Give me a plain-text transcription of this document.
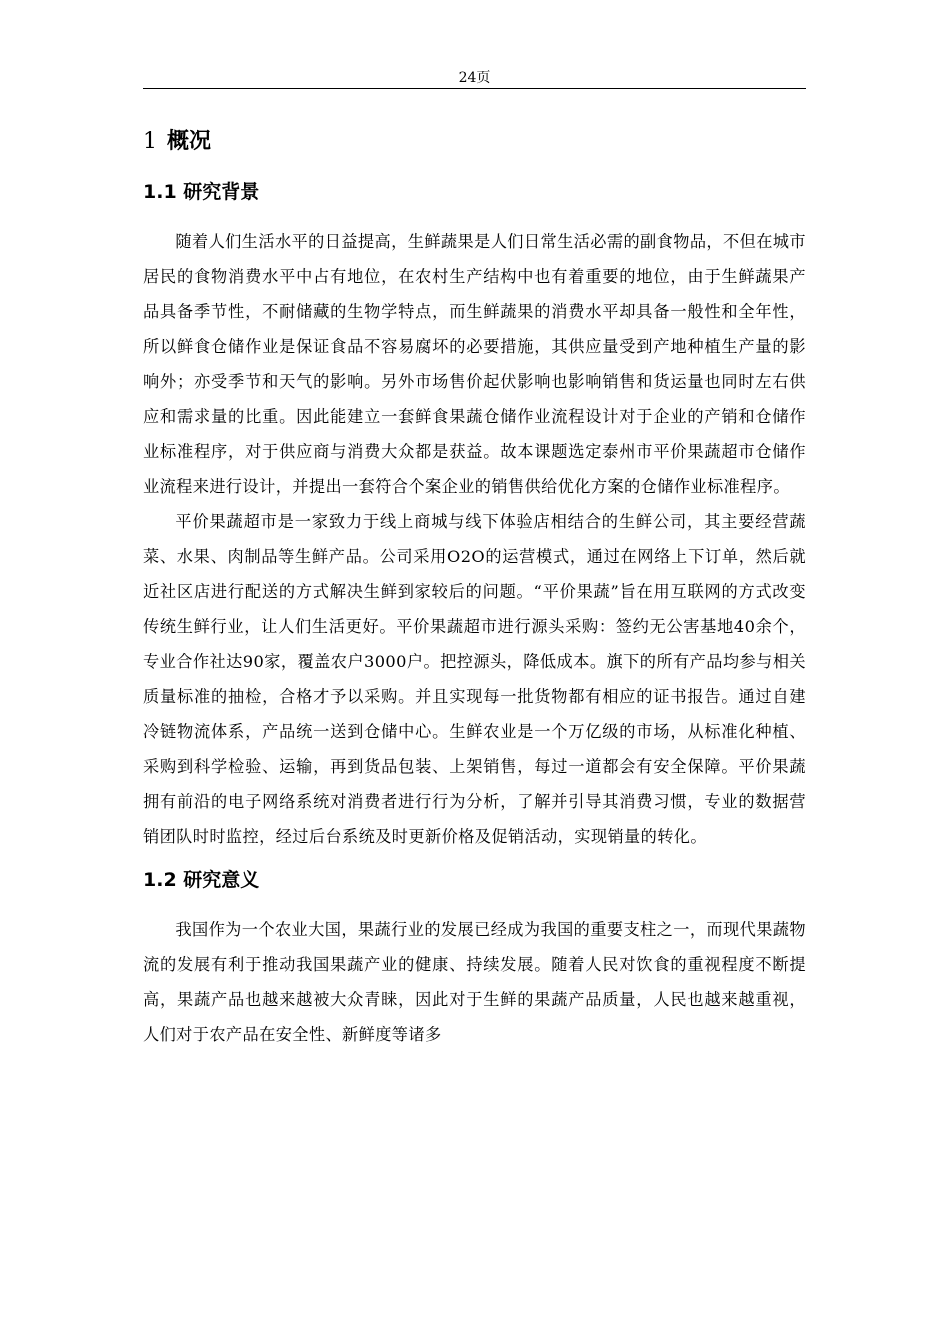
24页
1 概况
1.1 研究背景

随着人们生活水平的日益提高，生鲜蔬果是人们日常生活必需的副食物品，不但在城市居民的食物消费水平中占有地位，在农村生产结构中也有着重要的地位，由于生鲜蔬果产品具备季节性，不耐储藏的生物学特点，而生鲜蔬果的消费水平却具备一般性和全年性，所以鲜食仓储作业是保证食品不容易腐坏的必要措施，其供应量受到产地种植生产量的影响外；亦受季节和天气的影响。另外市场售价起伏影响也影响销售和货运量也同时左右供应和需求量的比重。因此能建立一套鲜食果蔬仓储作业流程设计对于企业的产销和仓储作业标准程序，对于供应商与消费大众都是获益。故本课题选定泰州市平价果蔬超市仓储作业流程来进行设计，并提出一套符合个案企业的销售供给优化方案的仓储作业标准程序。

平价果蔬超市是一家致力于线上商城与线下体验店相结合的生鲜公司，其主要经营蔬菜、水果、肉制品等生鲜产品。公司采用O2O的运营模式，通过在网络上下订单，然后就近社区店进行配送的方式解决生鲜到家较后的问题。“平价果蔬”旨在用互联网的方式改变传统生鲜行业，让人们生活更好。平价果蔬超市进行源头采购：签约无公害基地40余个，专业合作社达90家，覆盖农户3000户。把控源头，降低成本。旗下的所有产品均参与相关质量标准的抽检，合格才予以采购。并且实现每一批货物都有相应的证书报告。通过自建冷链物流体系，产品统一送到仓储中心。生鲜农业是一个万亿级的市场，从标准化种植、采购到科学检验、运输，再到货品包装、上架销售，每过一道都会有安全保障。平价果蔬拥有前沿的电子网络系统对消费者进行行为分析，了解并引导其消费习惯，专业的数据营销团队时时监控，经过后台系统及时更新价格及促销活动，实现销量的转化。

1.2 研究意义

我国作为一个农业大国，果蔬行业的发展已经成为我国的重要支柱之一，而现代果蔬物流的发展有利于推动我国果蔬产业的健康、持续发展。随着人民对饮食的重视程度不断提高，果蔬产品也越来越被大众青睐，因此对于生鲜的果蔬产品质量，人民也越来越重视，人们对于农产品在安全性、新鲜度等诸多
